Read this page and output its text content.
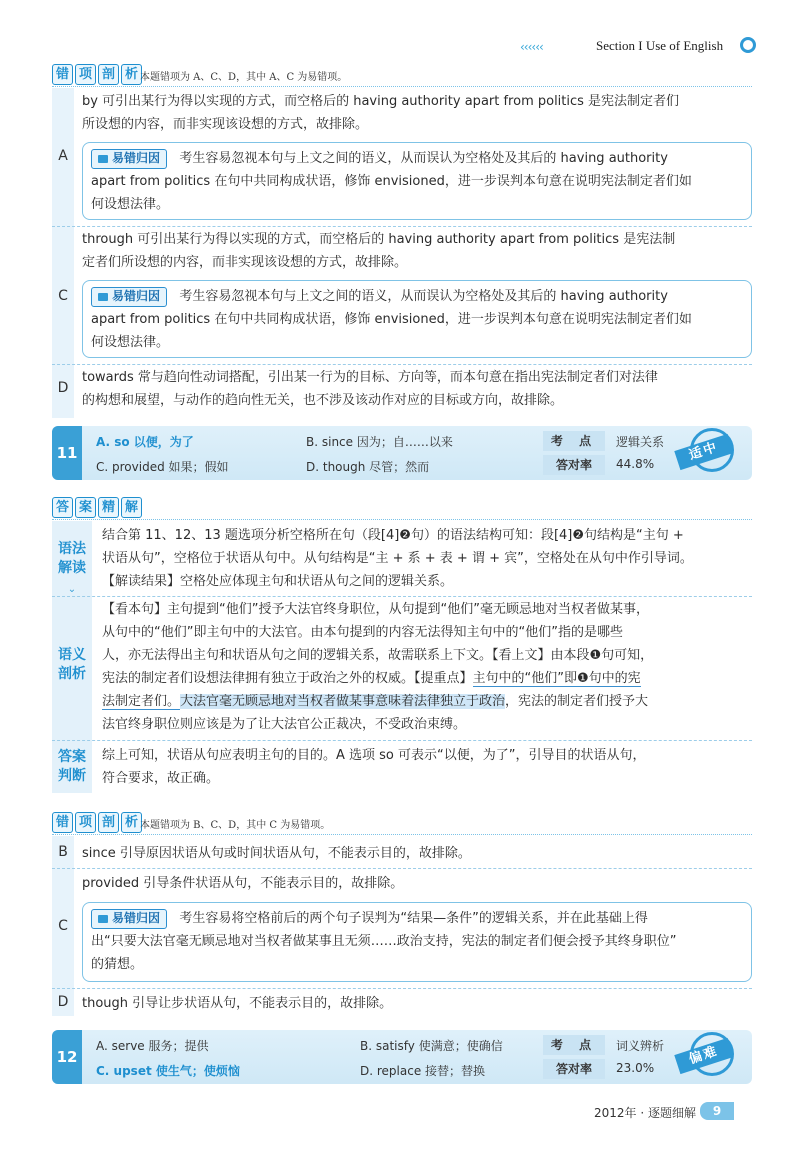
‹‹‹‹‹‹	Section I Use of English
错 项 剖 析 本题错项为 A、C、D，其中 A、C 为易错项。
A
by 可引出某行为得以实现的方式，而空格后的 having authority apart from politics 是宪法制定者们
所设想的内容，而非实现该设想的方式，故排除。
易错归因 考生容易忽视本句与上文之间的语义，从而误认为空格处及其后的 having authority
apart from politics 在句中共同构成状语，修饰 envisioned，进一步误判本句意在说明宪法制定者们如
何设想法律。
C
through 可引出某行为得以实现的方式，而空格后的 having authority apart from politics 是宪法制
定者们所设想的内容，而非实现该设想的方式，故排除。
易错归因 考生容易忽视本句与上文之间的语义，从而误认为空格处及其后的 having authority
apart from politics 在句中共同构成状语，修饰 envisioned，进一步误判本句意在说明宪法制定者们如
何设想法律。
D
towards 常与趋向性动词搭配，引出某一行为的目标、方向等，而本句意在指出宪法制定者们对法律
的构想和展望，与动作的趋向性无关，也不涉及该动作对应的目标或方向，故排除。
11
A. so 以便，为了	B. since 因为；自……以来
C. provided 如果；假如	D. though 尽管；然而
考 点	逻辑关系
答对率	44.8%
适中
答 案 精 解
语法
解读
⌄
结合第 11、12、13 题选项分析空格所在句（段[4]❷句）的语法结构可知：段[4]❷句结构是“主句 +
状语从句”，空格位于状语从句中。从句结构是“主 + 系 + 表 + 谓 + 宾”，空格处在从句中作引导词。
【解读结果】空格处应体现主句和状语从句之间的逻辑关系。
语义
剖析
【看本句】主句提到“他们”授予大法官终身职位，从句提到“他们”毫无顾忌地对当权者做某事，
从句中的“他们”即主句中的大法官。由本句提到的内容无法得知主句中的“他们”指的是哪些
人，亦无法得出主句和状语从句之间的逻辑关系，故需联系上下文。【看上文】由本段❶句可知，
宪法的制定者们设想法律拥有独立于政治之外的权威。【提重点】主句中的“他们”即❶句中的宪
法制定者们。大法官毫无顾忌地对当权者做某事意味着法律独立于政治，宪法的制定者们授予大
法官终身职位则应该是为了让大法官公正裁决，不受政治束缚。
答案
判断
综上可知，状语从句应表明主句的目的。A 选项 so 可表示“以便，为了”，引导目的状语从句，
符合要求，故正确。
错 项 剖 析 本题错项为 B、C、D，其中 C 为易错项。
B	since 引导原因状语从句或时间状语从句，不能表示目的，故排除。
C
provided 引导条件状语从句，不能表示目的，故排除。
易错归因 考生容易将空格前后的两个句子误判为“结果—条件”的逻辑关系，并在此基础上得
出“只要大法官毫无顾忌地对当权者做某事且无须……政治支持，宪法的制定者们便会授予其终身职位”
的猜想。
D	though 引导让步状语从句，不能表示目的，故排除。
12
A. serve 服务；提供	B. satisfy 使满意；使确信
C. upset 使生气；使烦恼	D. replace 接替；替换
考 点	词义辨析
答对率	23.0%
偏难
2012年 · 逐题细解	9
